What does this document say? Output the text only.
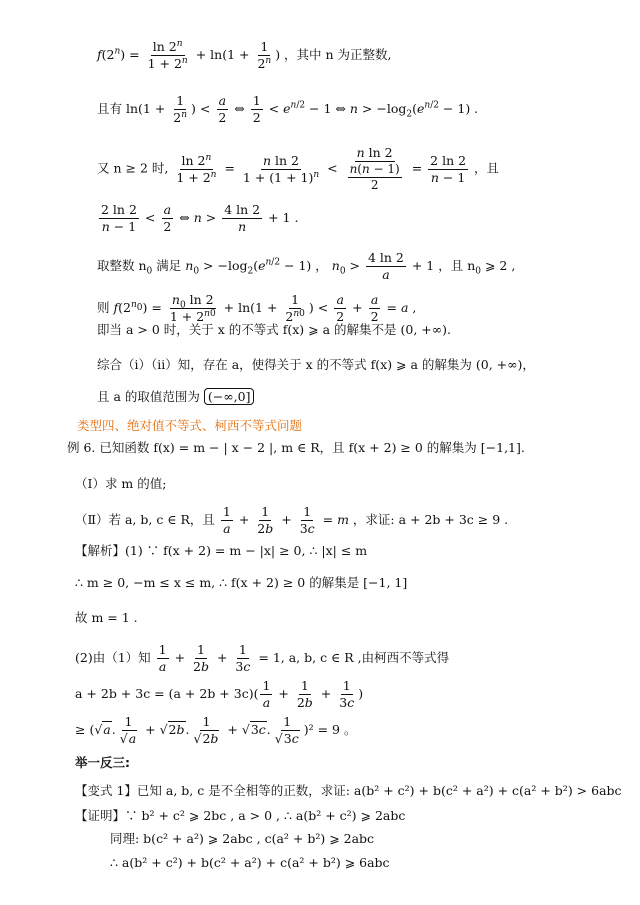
$f(2^n) = \frac{\ln 2^n}{1 + 2^n} + \ln(1 + \frac{1}{2^n}$ ) ，其中 n 为正整数,
且有 $\ln(1 + \frac{1}{2^n}$ ) < $\frac{a}{2}$ ⇔ $\frac{1}{2} < e^{n/2} - 1$ ⇔ $n > -\log_2(e^{n/2} - 1)$ .
又 n ≥ 2 时, $\frac{\ln 2^n}{1 + 2^n} = \frac{\text{n ln 2}}{1 + (1 + 1)^n} < \frac{\text{n ln 2}}{\frac{n(n - 1)}{2}} = \frac{2 \ln 2}{n - 1}$ ，且
$\frac{2 \ln 2}{n - 1} < \frac{a}{2}$ ⇔ $n > \frac{4 \ln 2}{n} + 1$ .
取整数 $n_0$ 满足 $n_0 > -\log_2(e^{n/2} - 1)$ ， $n_0 > \frac{4 \ln 2}{a} + 1$ ，且 $n_0$ ⩾ 2 ,
则 $f(2^{n_0}) = \frac{n_0 \ln 2}{1 + 2^{n0}} + \ln(1 + \frac{1}{2^{n0}}$ ) < $\frac{a}{2} + \frac{a}{2} = a$ ,
即当 a > 0 时，关于 x 的不等式 f(x) ⩾ a 的解集不是 (0, +∞).
综合（ⅰ）（ⅱ）知，存在 a，使得关于 x 的不等式 f(x) ⩾ a 的解集为 (0, +∞)，
且 a 的取值范围为 (−∞,0]
类型四、绝对值不等式、柯西不等式问题
例 6. 已知函数 f(x) = m − | x − 2 |, m ∈ R，且 f(x + 2) ≥ 0 的解集为 [−1,1].
（Ⅰ）求 m 的值;
（Ⅱ）若 a, b, c ∈ R，且 $\frac{1}{a} + \frac{1}{2b} + \frac{1}{3c} = m$ ，求证: a + 2b + 3c ≥ 9 .
【解析】(1) ∵ f(x + 2) = m − |x| ≥ 0, ∴ |x| ≤ m
∴ m ≥ 0, −m ≤ x ≤ m, ∴ f(x + 2) ≥ 0 的解集是 [−1, 1]
故 m = 1 .
(2)由（1）知 $\frac{1}{a} + \frac{1}{2b} + \frac{1}{3c} = 1$, a, b, c ∈ R ,由柯西不等式得
$a + 2b + 3c = (a + 2b + 3c)( \frac{1}{a} + \frac{1}{2b} + \frac{1}{3c}$ )
≥ (√a. $\frac{1}{√a} + √2b$. $\frac{1}{√2b} + √3c$. $\frac{1}{√3c} )^2 = 9$ 。
举一反三:
【变式 1】已知 a, b, c 是不全相等的正数，求证: a(b² + c²) + b(c² + a²) + c(a² + b²) > 6abc
【证明】∵ b² + c² ⩾ 2bc , a > 0 , ∴ a(b² + c²) ⩾ 2abc
同理: b(c² + a²) ⩾ 2abc , c(a² + b²) ⩾ 2abc
∴ a(b² + c²) + b(c² + a²) + c(a² + b²) ⩾ 6abc
